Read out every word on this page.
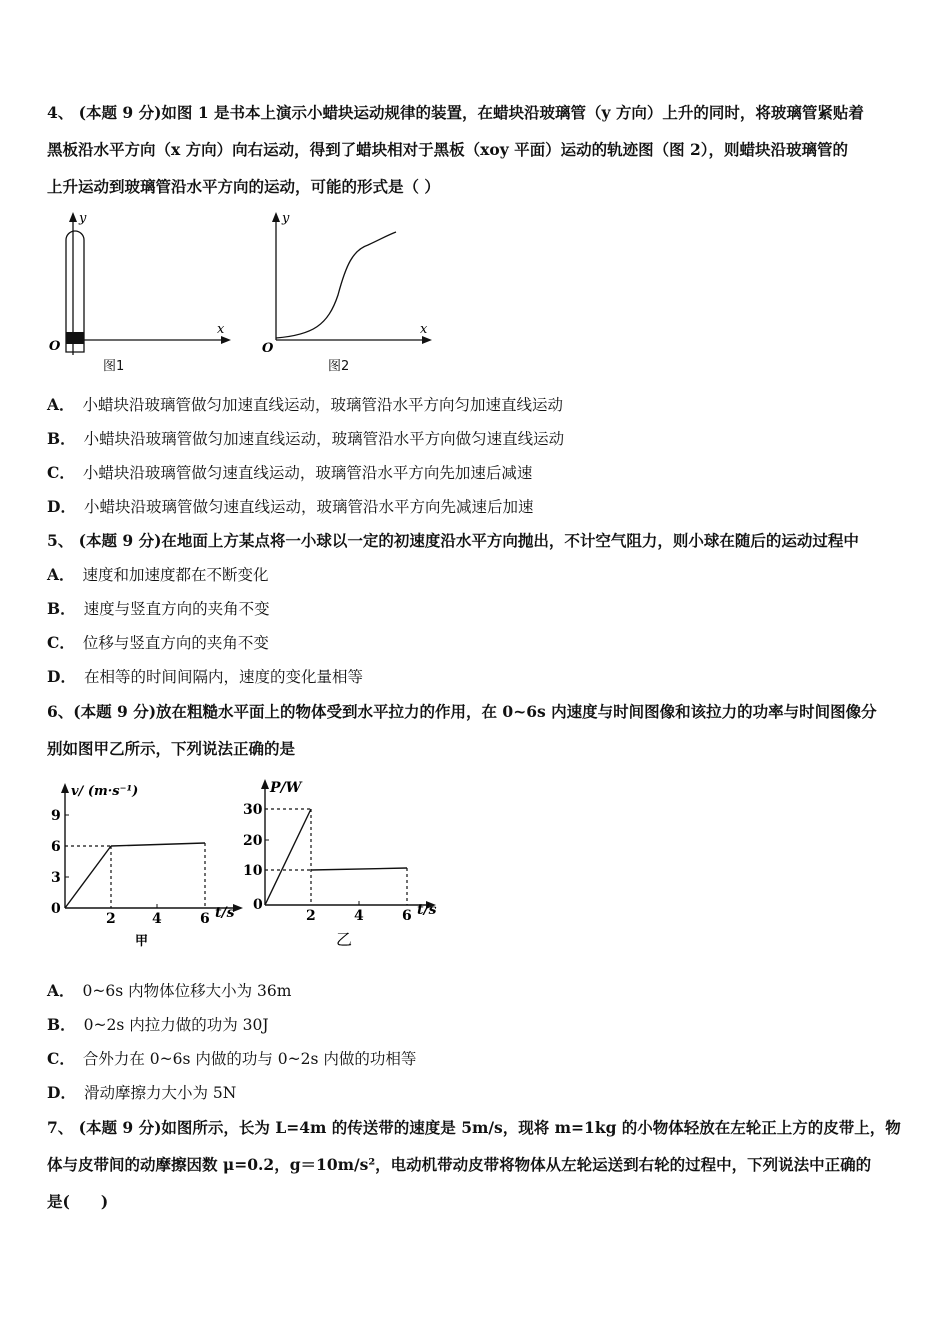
4、 (本题 9 分)如图 1 是书本上演示小蜡块运动规律的装置，在蜡块沿玻璃管（y 方向）上升的同时，将玻璃管紧贴着
黑板沿水平方向（x 方向）向右运动，得到了蜡块相对于黑板（xoy 平面）运动的轨迹图（图 2），则蜡块沿玻璃管的
上升运动到玻璃管沿水平方向的运动，可能的形式是（ ）
y
x
O
图1
y
x
O
图2
A． 小蜡块沿玻璃管做匀加速直线运动，玻璃管沿水平方向匀加速直线运动
B． 小蜡块沿玻璃管做匀加速直线运动，玻璃管沿水平方向做匀速直线运动
C． 小蜡块沿玻璃管做匀速直线运动，玻璃管沿水平方向先加速后减速
D． 小蜡块沿玻璃管做匀速直线运动，玻璃管沿水平方向先减速后加速
5、 (本题 9 分)在地面上方某点将一小球以一定的初速度沿水平方向抛出，不计空气阻力，则小球在随后的运动过程中
A． 速度和加速度都在不断变化
B． 速度与竖直方向的夹角不变
C． 位移与竖直方向的夹角不变
D． 在相等的时间间隔内，速度的变化量相等
6、(本题 9 分)放在粗糙水平面上的物体受到水平拉力的作用，在 0~6s 内速度与时间图像和该拉力的功率与时间图像分
别如图甲乙所示，下列说法正确的是
v/ (m·s⁻¹)
9
6
3
0
2	4	6 t/s
甲
P/W
30
20
10
0
2	4	6 t/s
乙
A． 0~6s 内物体位移大小为 36m
B． 0~2s 内拉力做的功为 30J
C． 合外力在 0~6s 内做的功与 0~2s 内做的功相等
D． 滑动摩擦力大小为 5N
7、 (本题 9 分)如图所示，长为 L=4m 的传送带的速度是 5m/s，现将 m=1kg 的小物体轻放在左轮正上方的皮带上，物
体与皮带间的动摩擦因数 μ=0.2，g＝10m/s²，电动机带动皮带将物体从左轮运送到右轮的过程中，下列说法中正确的
是(　　)
